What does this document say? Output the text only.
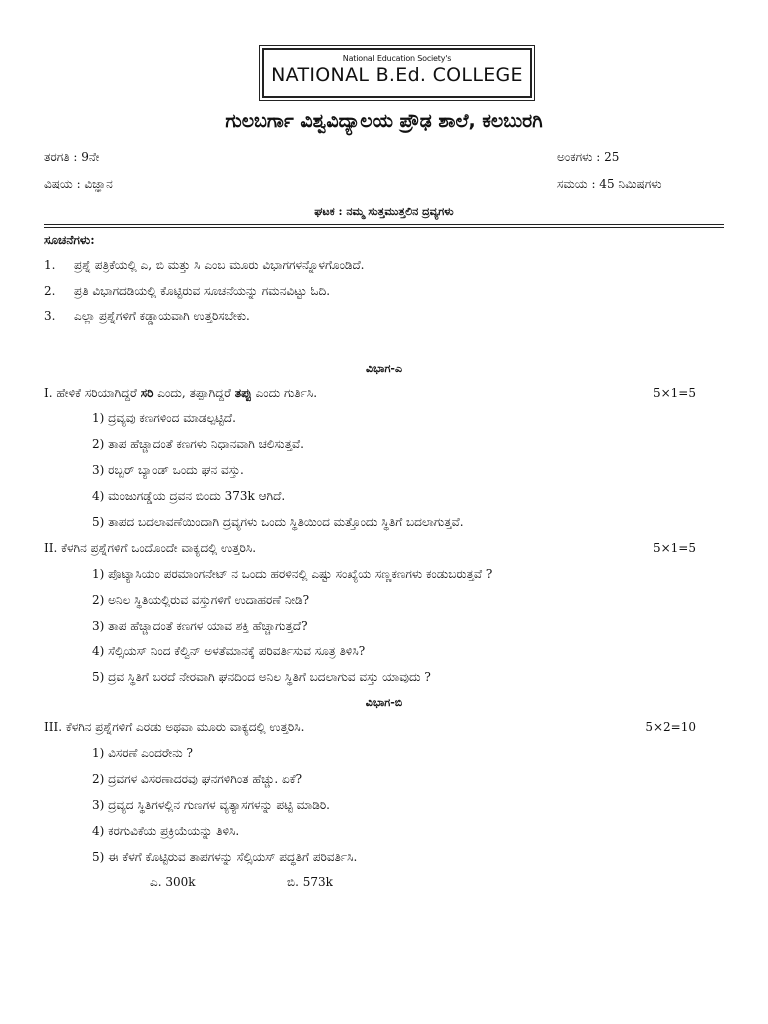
National Education Society's
NATIONAL B.Ed. COLLEGE
ಗುಲಬರ್ಗಾ ವಿಶ್ವವಿದ್ಯಾಲಯ ಪ್ರೌಢ ಶಾಲೆ, ಕಲಬುರಗಿ
ತರಗತಿ : 9ನೇ	ಅಂಕಗಳು : 25
ವಿಷಯ : ವಿಜ್ಞಾನ	ಸಮಯ : 45 ನಿಮಿಷಗಳು
ಘಟಕ : ನಮ್ಮ ಸುತ್ತಮುತ್ತಲಿನ ದ್ರವ್ಯಗಳು
ಸೂಚನೆಗಳು:
1. ಪ್ರಶ್ನೆ ಪತ್ರಿಕೆಯಲ್ಲಿ ಎ, ಬಿ ಮತ್ತು ಸಿ ಎಂಬ ಮೂರು ವಿಭಾಗಗಳನ್ನೊಳಗೊಂಡಿದೆ.
2. ಪ್ರತಿ ವಿಭಾಗದಡಿಯಲ್ಲಿ ಕೊಟ್ಟಿರುವ ಸೂಚನೆಯನ್ನು ಗಮನವಿಟ್ಟು ಓದಿ.
3. ಎಲ್ಲಾ ಪ್ರಶ್ನೆಗಳಿಗೆ ಕಡ್ಡಾಯವಾಗಿ ಉತ್ತರಿಸಬೇಕು.
ವಿಭಾಗ-ಎ
I. ಹೇಳಿಕೆ ಸರಿಯಾಗಿದ್ದರೆ ಸರಿ ಎಂದು, ತಪ್ಪಾಗಿದ್ದರೆ ತಪ್ಪು ಎಂದು ಗುರ್ತಿಸಿ.	5×1=5
1) ದ್ರವ್ಯವು ಕಣಗಳಿಂದ ಮಾಡಲ್ಪಟ್ಟಿದೆ.
2) ತಾಪ ಹೆಚ್ಚಾದಂತೆ ಕಣಗಳು ನಿಧಾನವಾಗಿ ಚಲಿಸುತ್ತವೆ.
3) ರಬ್ಬರ್ ಬ್ಯಾಂಡ್ ಒಂದು ಘನ ವಸ್ತು.
4) ಮಂಜುಗಡ್ಡೆಯ ದ್ರವನ ಬಿಂದು 373k ಆಗಿದೆ.
5) ತಾಪದ ಬದಲಾವಣೆಯಿಂದಾಗಿ ದ್ರವ್ಯಗಳು ಒಂದು ಸ್ಥಿತಿಯಿಂದ ಮತ್ತೊಂದು ಸ್ಥಿತಿಗೆ ಬದಲಾಗುತ್ತವೆ.
II. ಕೆಳಗಿನ ಪ್ರಶ್ನೆಗಳಿಗೆ ಒಂದೊಂದೇ ವಾಕ್ಯದಲ್ಲಿ ಉತ್ತರಿಸಿ.	5×1=5
1) ಪೊಟ್ಯಾಸಿಯಂ ಪರಮಾಂಗನೇಟ್ ನ ಒಂದು ಹರಳಿನಲ್ಲಿ ಎಷ್ಟು ಸಂಖ್ಯೆಯ ಸಣ್ಣಕಣಗಳು ಕಂಡುಬರುತ್ತವೆ ?
2) ಅನಿಲ ಸ್ಥಿತಿಯಲ್ಲಿರುವ ವಸ್ತುಗಳಿಗೆ ಉದಾಹರಣೆ ನೀಡಿ?
3) ತಾಪ ಹೆಚ್ಚಾದಂತೆ ಕಣಗಳ ಯಾವ ಶಕ್ತಿ ಹೆಚ್ಚಾಗುತ್ತದೆ?
4) ಸೆಲ್ಸಿಯಸ್ ನಿಂದ ಕೆಲ್ವಿನ್ ಅಳತೆಮಾನಕ್ಕೆ ಪರಿವರ್ತಿಸುವ ಸೂತ್ರ ತಿಳಿಸಿ?
5) ದ್ರವ ಸ್ಥಿತಿಗೆ ಬರದೆ ನೇರವಾಗಿ ಘನದಿಂದ ಅನಿಲ ಸ್ಥಿತಿಗೆ ಬದಲಾಗುವ ವಸ್ತು ಯಾವುದು ?
ವಿಭಾಗ-ಬಿ
III. ಕೆಳಗಿನ ಪ್ರಶ್ನೆಗಳಿಗೆ ಎರಡು ಅಥವಾ ಮೂರು ವಾಕ್ಯದಲ್ಲಿ ಉತ್ತರಿಸಿ.	5×2=10
1) ವಿಸರಣೆ ಎಂದರೇನು ?
2) ದ್ರವಗಳ ವಿಸರಣಾದರವು ಘನಗಳಿಗಿಂತ ಹೆಚ್ಚು. ಏಕೆ?
3) ದ್ರವ್ಯದ ಸ್ಥಿತಿಗಳಲ್ಲಿನ ಗುಣಗಳ ವ್ಯತ್ಯಾಸಗಳನ್ನು ಪಟ್ಟಿ ಮಾಡಿರಿ.
4) ಕರಗುವಿಕೆಯ ಪ್ರಕ್ರಿಯೆಯನ್ನು ತಿಳಿಸಿ.
5) ಈ ಕೆಳಗೆ ಕೊಟ್ಟಿರುವ ತಾಪಗಳನ್ನು ಸೆಲ್ಸಿಯಸ್ ಪದ್ಧತಿಗೆ ಪರಿವರ್ತಿಸಿ.
ಎ. 300k	ಬಿ. 573k
